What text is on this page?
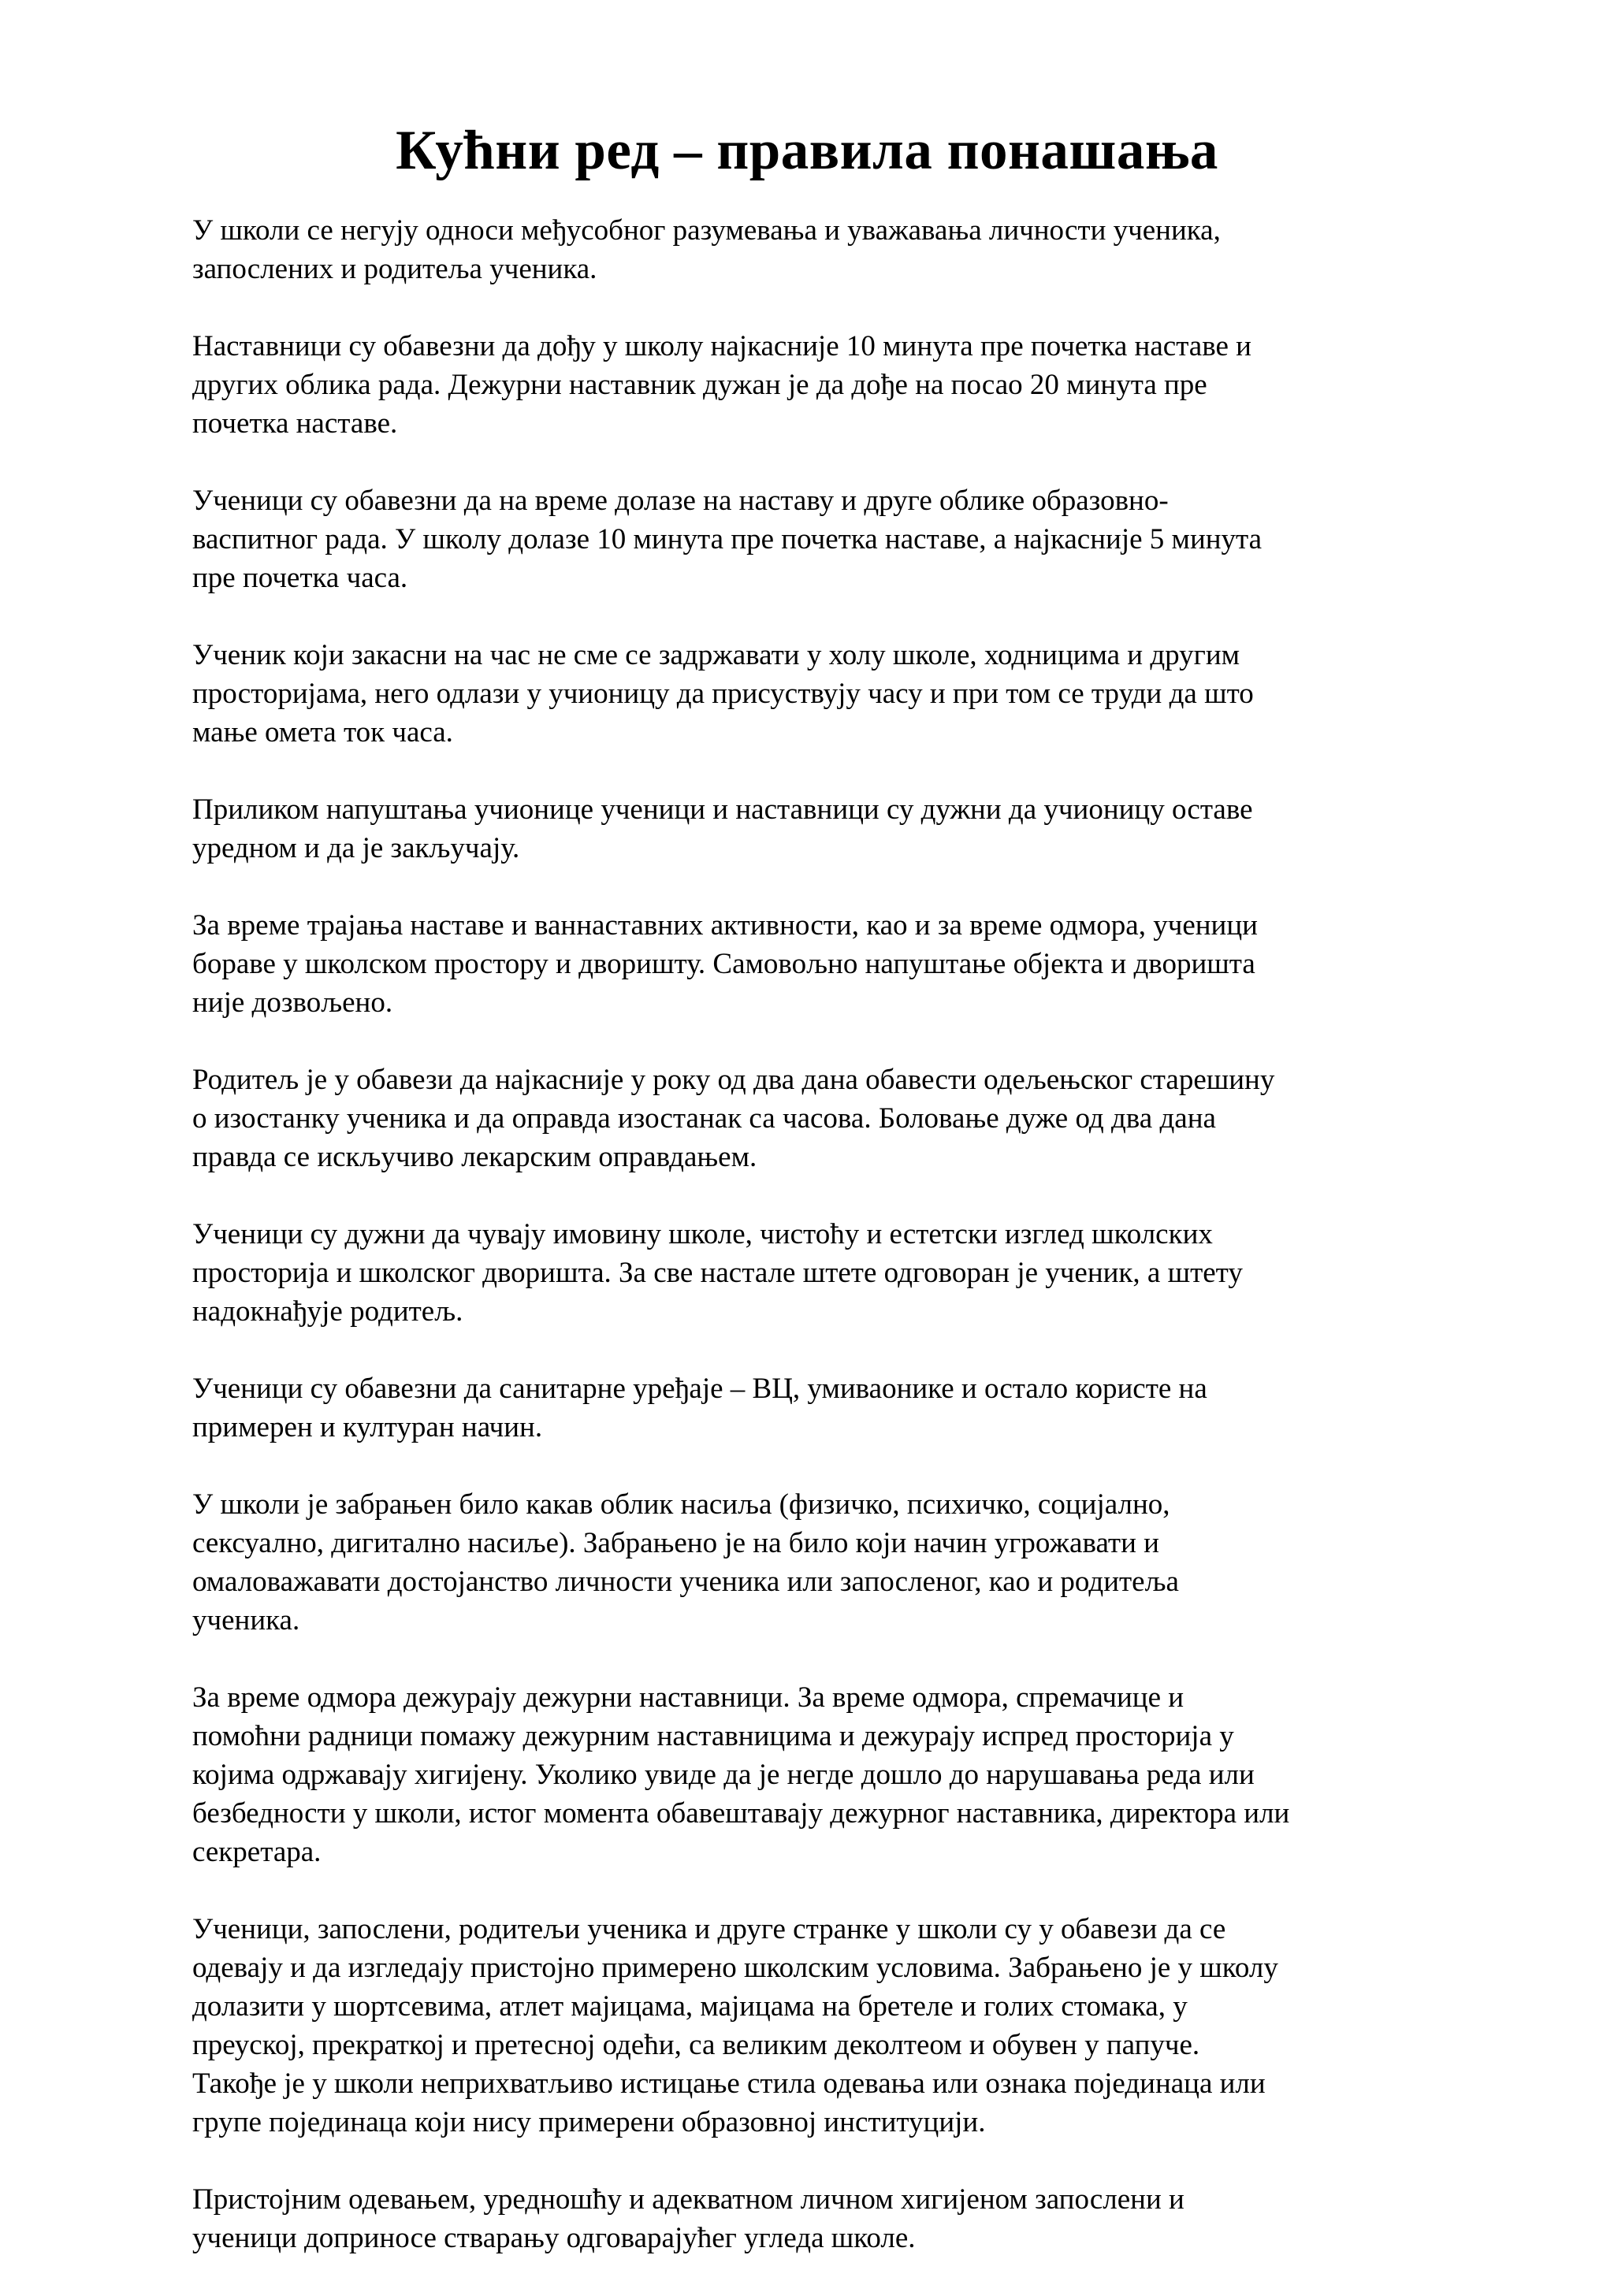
Кућни ред – правила понашања

У школи се негују односи међусобног разумевања и уважавања личности ученика,
запослених и родитеља ученика.

Наставници су обавезни да дођу у школу најкасније 10 минута пре почетка наставе и
других облика рада. Дежурни наставник дужан је да дође на посао 20 минута пре
почетка наставе.

Ученици су обавезни да на време долазе на наставу и друге облике образовно-
васпитног рада. У школу долазе 10 минута пре почетка наставе, а најкасније 5 минута
пре почетка часа.

Ученик који закасни на час не сме се задржавати у холу школе, ходницима и другим
просторијама, него одлази у учионицу да присуствују часу и при том се труди да што
мање омета ток часа.

Приликом напуштања учионице ученици и наставници су дужни да учионицу оставе
уредном и да је закључају.

За време трајања наставе и ваннаставних активности, као и за време одмора, ученици
бораве у школском простору и дворишту. Самовољно напуштање објекта и дворишта
није дозвољено.

Родитељ је у обавези да најкасније у року од два дана обавести одељењског старешину
о изостанку ученика и да оправда изостанак са часова. Боловање дуже од два дана
правда се искључиво лекарским оправдањем.

Ученици су дужни да чувају имовину школе, чистоћу и естетски изглед школских
просторија и школског дворишта. За све настале штете одговоран је ученик, а штету
надокнађује родитељ.

Ученици су обавезни да санитарне уређаје – ВЦ, умиваонике и остало користе на
примерен и културан начин.

У школи је забрањен било какав облик насиља (физичко, психичко, социјално,
сексуално, дигитално насиље). Забрањено је на било који начин угрожавати и
омаловажавати достојанство личности ученика или запосленог, као и родитеља
ученика.

За време одмора дежурају дежурни наставници. За време одмора, спремачице и
помоћни радници помажу дежурним наставницима и дежурају испред просторија у
којима одржавају хигијену. Уколико увиде да је негде дошло до нарушавања реда или
безбедности у школи, истог момента обавештавају дежурног наставника, директора или
секретара.

Ученици, запослени, родитељи ученика и друге странке у школи су у обавези да се
одевају и да изгледају пристојно примерено школским условима. Забрањено је у школу
долазити у шортсевима, атлет мајицама, мајицама на бретеле и голих стомака, у
преуској, прекраткој и претесној одећи, са великим деколтеом и обувен у папуче.
Такође је у школи неприхватљиво истицање стила одевања или ознака појединаца или
групе појединаца који нису примерени образовној институцији.

Пристојним одевањем, уредношћу и адекватном личном хигијеном запослени и
ученици доприносе стварању одговарајућег угледа школе.
